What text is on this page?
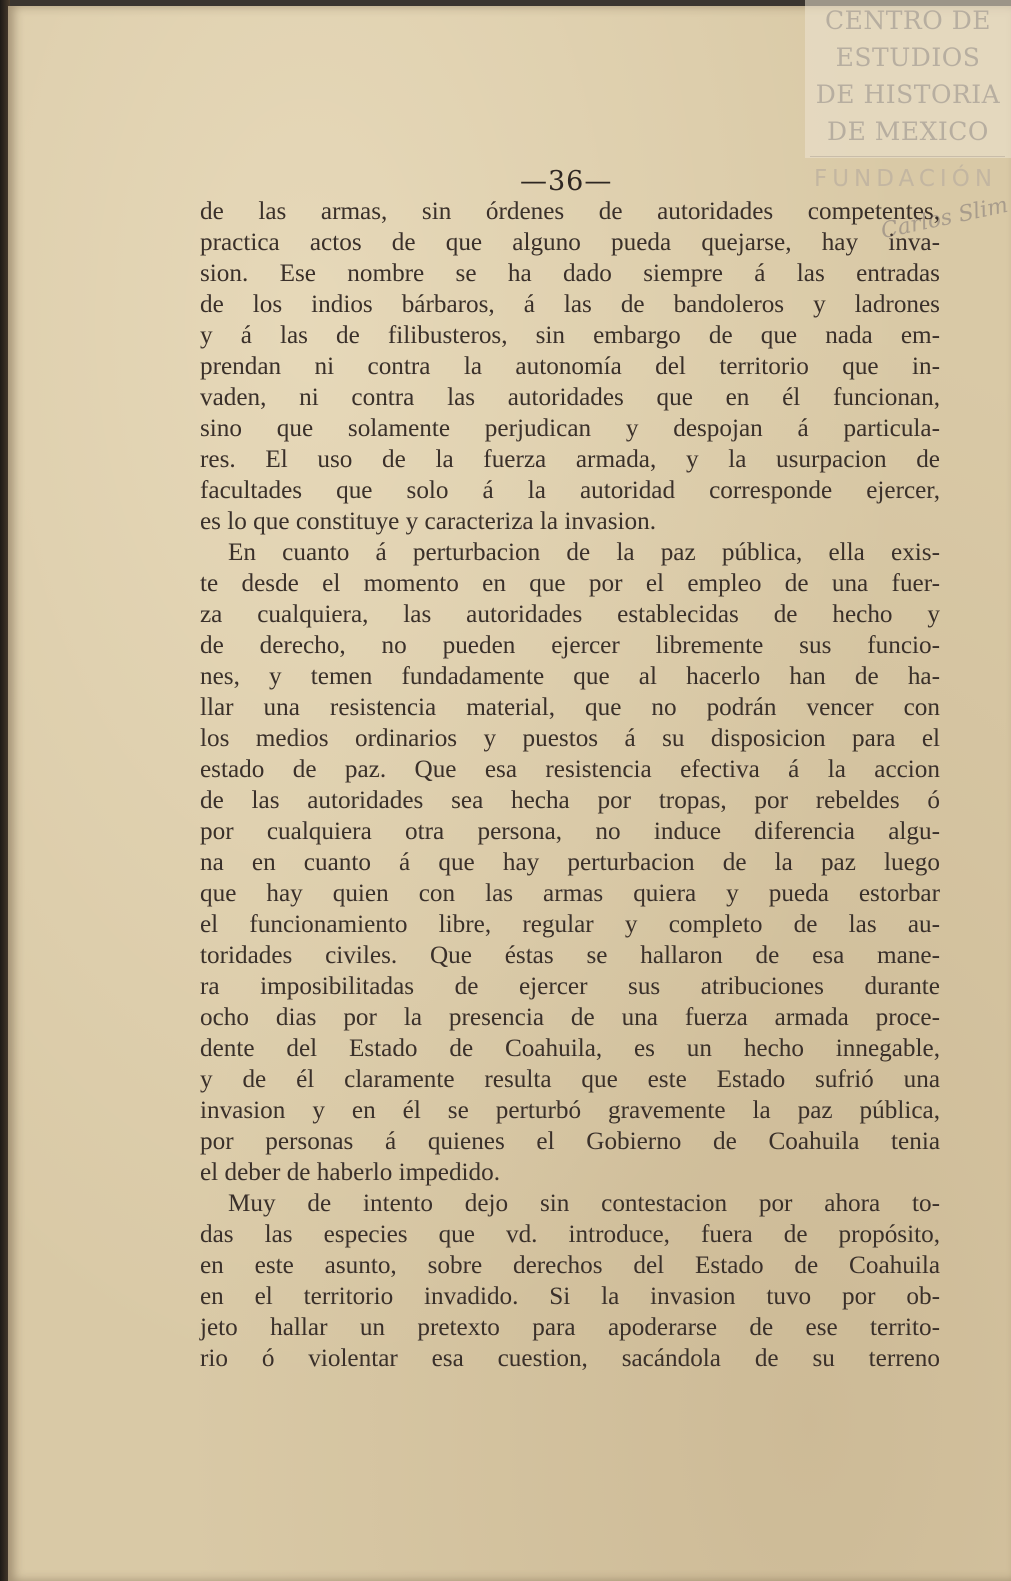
CENTRO DE
ESTUDIOS
DE HISTORIA
DE MEXICO
FUNDACIÓN
Carlos Slim
—36—
de las armas, sin órdenes de autoridades competentes,
practica actos de que alguno pueda quejarse, hay inva-
sion. Ese nombre se ha dado siempre á las entradas
de los indios bárbaros, á las de bandoleros y ladrones
y á las de filibusteros, sin embargo de que nada em-
prendan ni contra la autonomía del territorio que in-
vaden, ni contra las autoridades que en él funcionan,
sino que solamente perjudican y despojan á particula-
res. El uso de la fuerza armada, y la usurpacion de
facultades que solo á la autoridad corresponde ejercer,
es lo que constituye y caracteriza la invasion.
En cuanto á perturbacion de la paz pública, ella exis-
te desde el momento en que por el empleo de una fuer-
za cualquiera, las autoridades establecidas de hecho y
de derecho, no pueden ejercer libremente sus funcio-
nes, y temen fundadamente que al hacerlo han de ha-
llar una resistencia material, que no podrán vencer con
los medios ordinarios y puestos á su disposicion para el
estado de paz. Que esa resistencia efectiva á la accion
de las autoridades sea hecha por tropas, por rebeldes ó
por cualquiera otra persona, no induce diferencia algu-
na en cuanto á que hay perturbacion de la paz luego
que hay quien con las armas quiera y pueda estorbar
el funcionamiento libre, regular y completo de las au-
toridades civiles. Que éstas se hallaron de esa mane-
ra imposibilitadas de ejercer sus atribuciones durante
ocho dias por la presencia de una fuerza armada proce-
dente del Estado de Coahuila, es un hecho innegable,
y de él claramente resulta que este Estado sufrió una
invasion y en él se perturbó gravemente la paz pública,
por personas á quienes el Gobierno de Coahuila tenia
el deber de haberlo impedido.
Muy de intento dejo sin contestacion por ahora to-
das las especies que vd. introduce, fuera de propósito,
en este asunto, sobre derechos del Estado de Coahuila
en el territorio invadido. Si la invasion tuvo por ob-
jeto hallar un pretexto para apoderarse de ese territo-
rio ó violentar esa cuestion, sacándola de su terreno
